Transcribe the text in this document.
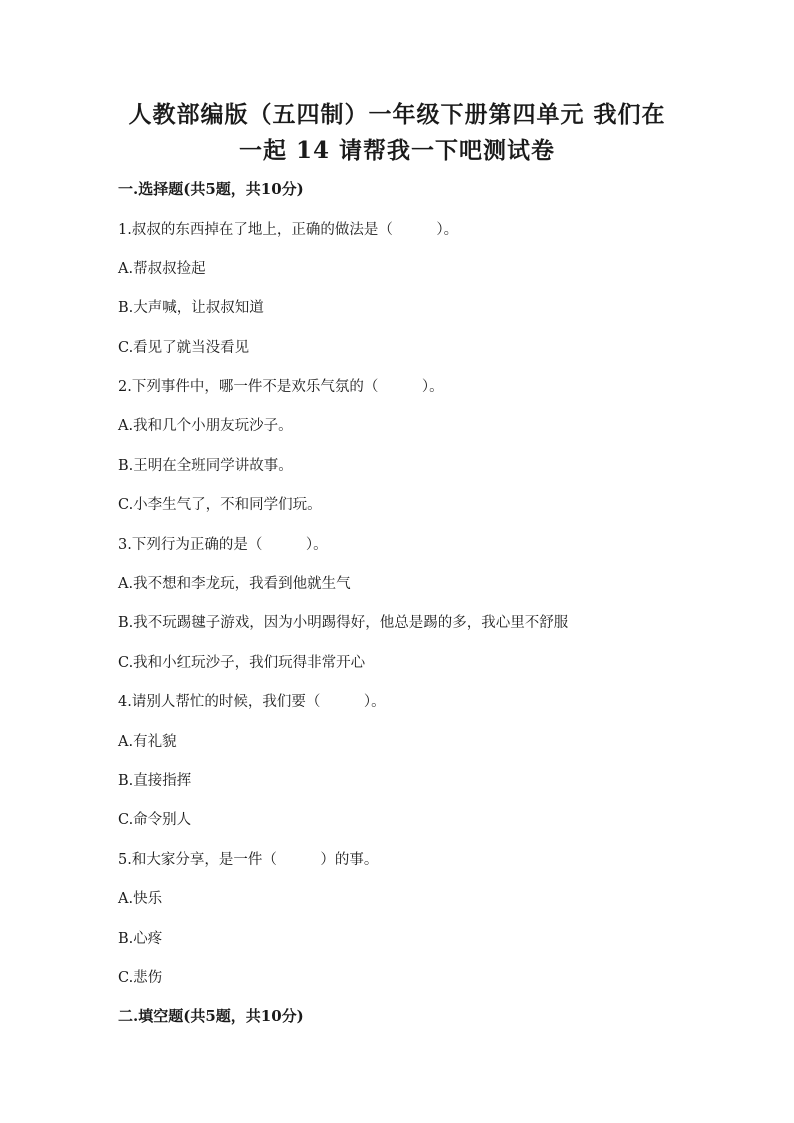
人教部编版（五四制）一年级下册第四单元 我们在
一起 14 请帮我一下吧测试卷
一.选择题(共5题，共10分)
1.叔叔的东西掉在了地上，正确的做法是（　　　）。
A.帮叔叔捡起
B.大声喊，让叔叔知道
C.看见了就当没看见
2.下列事件中，哪一件不是欢乐气氛的（　　　）。
A.我和几个小朋友玩沙子。
B.王明在全班同学讲故事。
C.小李生气了，不和同学们玩。
3.下列行为正确的是（　　　）。
A.我不想和李龙玩，我看到他就生气
B.我不玩踢毽子游戏，因为小明踢得好，他总是踢的多，我心里不舒服
C.我和小红玩沙子，我们玩得非常开心
4.请别人帮忙的时候，我们要（　　　）。
A.有礼貌
B.直接指挥
C.命令别人
5.和大家分享，是一件（　　　）的事。
A.快乐
B.心疼
C.悲伤
二.填空题(共5题，共10分)
